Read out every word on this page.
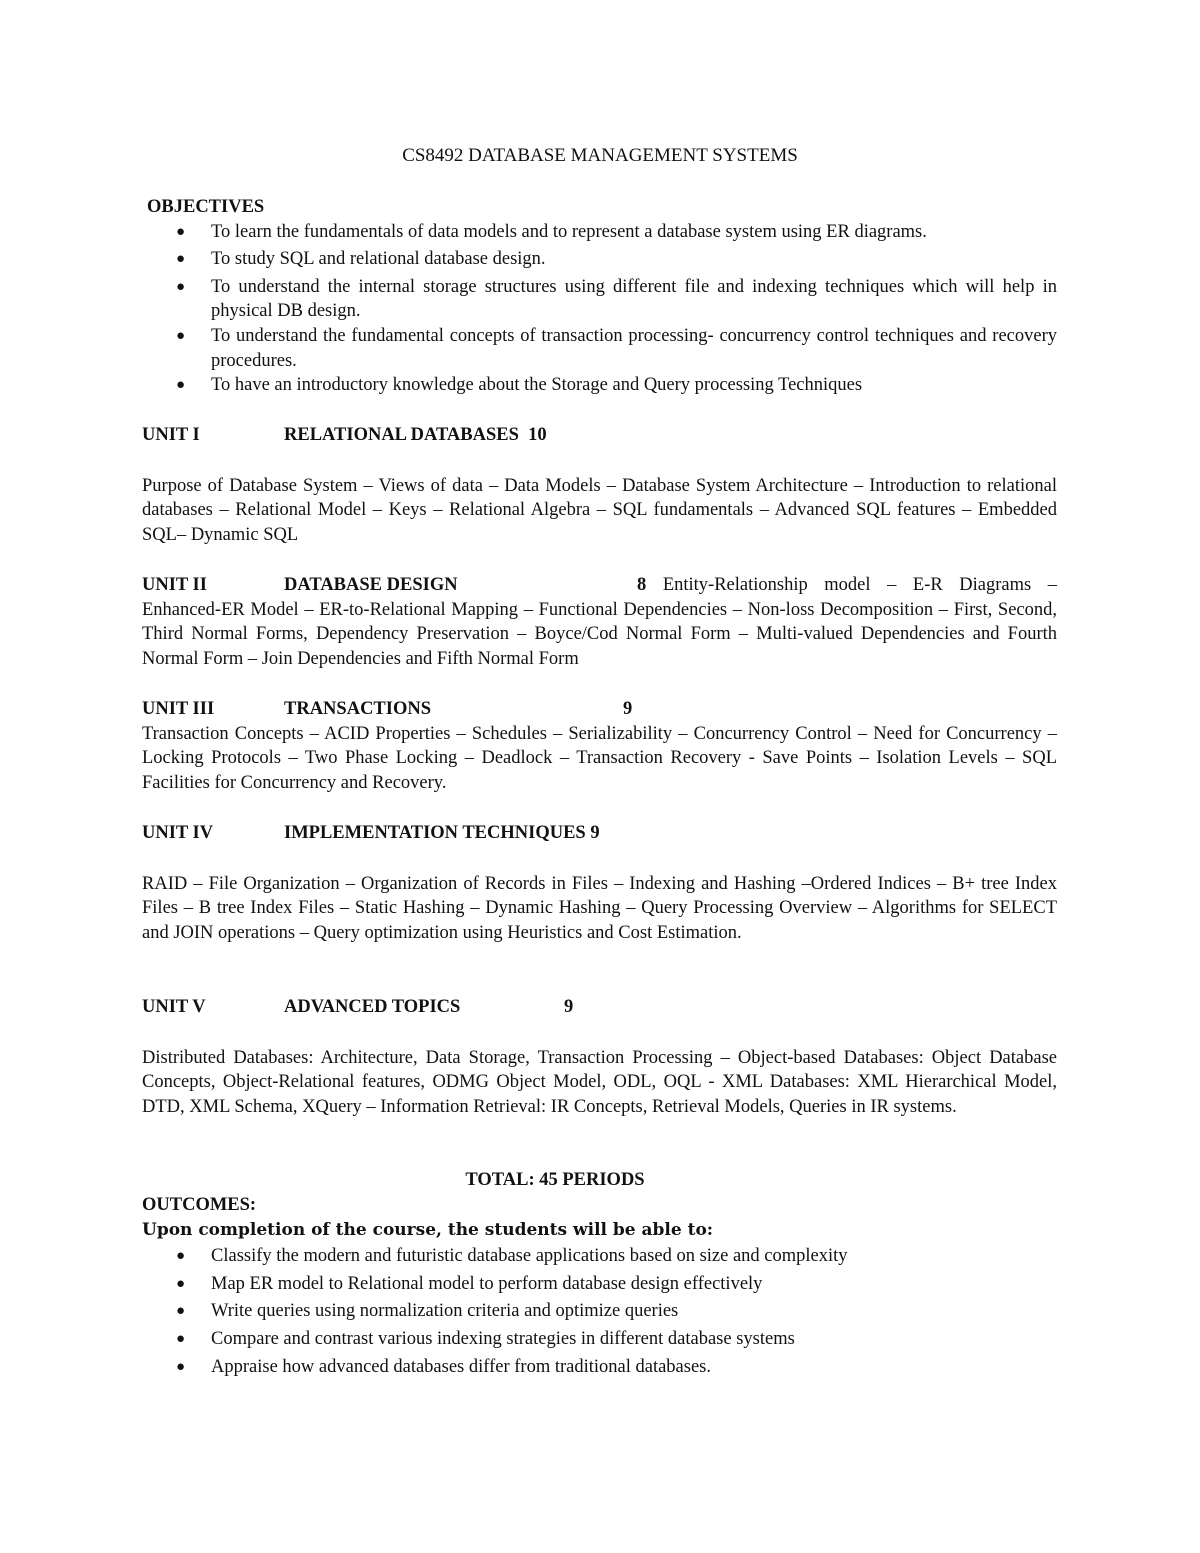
CS8492 DATABASE MANAGEMENT SYSTEMS
OBJECTIVES
● To learn the fundamentals of data models and to represent a database system using ER diagrams.
● To study SQL and relational database design.
● To understand the internal storage structures using different file and indexing techniques which will help in physical DB design.
● To understand the fundamental concepts of transaction processing- concurrency control techniques and recovery procedures.
● To have an introductory knowledge about the Storage and Query processing Techniques
UNIT I	RELATIONAL DATABASES 10

Purpose of Database System – Views of data – Data Models – Database System Architecture – Introduction to relational databases – Relational Model – Keys – Relational Algebra – SQL fundamentals – Advanced SQL features – Embedded SQL– Dynamic SQL

UNIT II	DATABASE DESIGN	8 Entity-Relationship model – E-R Diagrams – Enhanced-ER Model – ER-to-Relational Mapping – Functional Dependencies – Non-loss Decomposition – First, Second, Third Normal Forms, Dependency Preservation – Boyce/Cod Normal Form – Multi-valued Dependencies and Fourth Normal Form – Join Dependencies and Fifth Normal Form

UNIT III	TRANSACTIONS	9

Transaction Concepts – ACID Properties – Schedules – Serializability – Concurrency Control – Need for Concurrency – Locking Protocols – Two Phase Locking – Deadlock – Transaction Recovery - Save Points – Isolation Levels – SQL Facilities for Concurrency and Recovery.

UNIT IV	IMPLEMENTATION TECHNIQUES 9

RAID – File Organization – Organization of Records in Files – Indexing and Hashing –Ordered Indices – B+ tree Index Files – B tree Index Files – Static Hashing – Dynamic Hashing – Query Processing Overview – Algorithms for SELECT and JOIN operations – Query optimization using Heuristics and Cost Estimation.

UNIT V	ADVANCED TOPICS	9

Distributed Databases: Architecture, Data Storage, Transaction Processing – Object-based Databases: Object Database Concepts, Object-Relational features, ODMG Object Model, ODL, OQL - XML Databases: XML Hierarchical Model, DTD, XML Schema, XQuery – Information Retrieval: IR Concepts, Retrieval Models, Queries in IR systems.

TOTAL: 45 PERIODS
OUTCOMES:
Upon completion of the course, the students will be able to:
● Classify the modern and futuristic database applications based on size and complexity
● Map ER model to Relational model to perform database design effectively
● Write queries using normalization criteria and optimize queries
● Compare and contrast various indexing strategies in different database systems
● Appraise how advanced databases differ from traditional databases.
